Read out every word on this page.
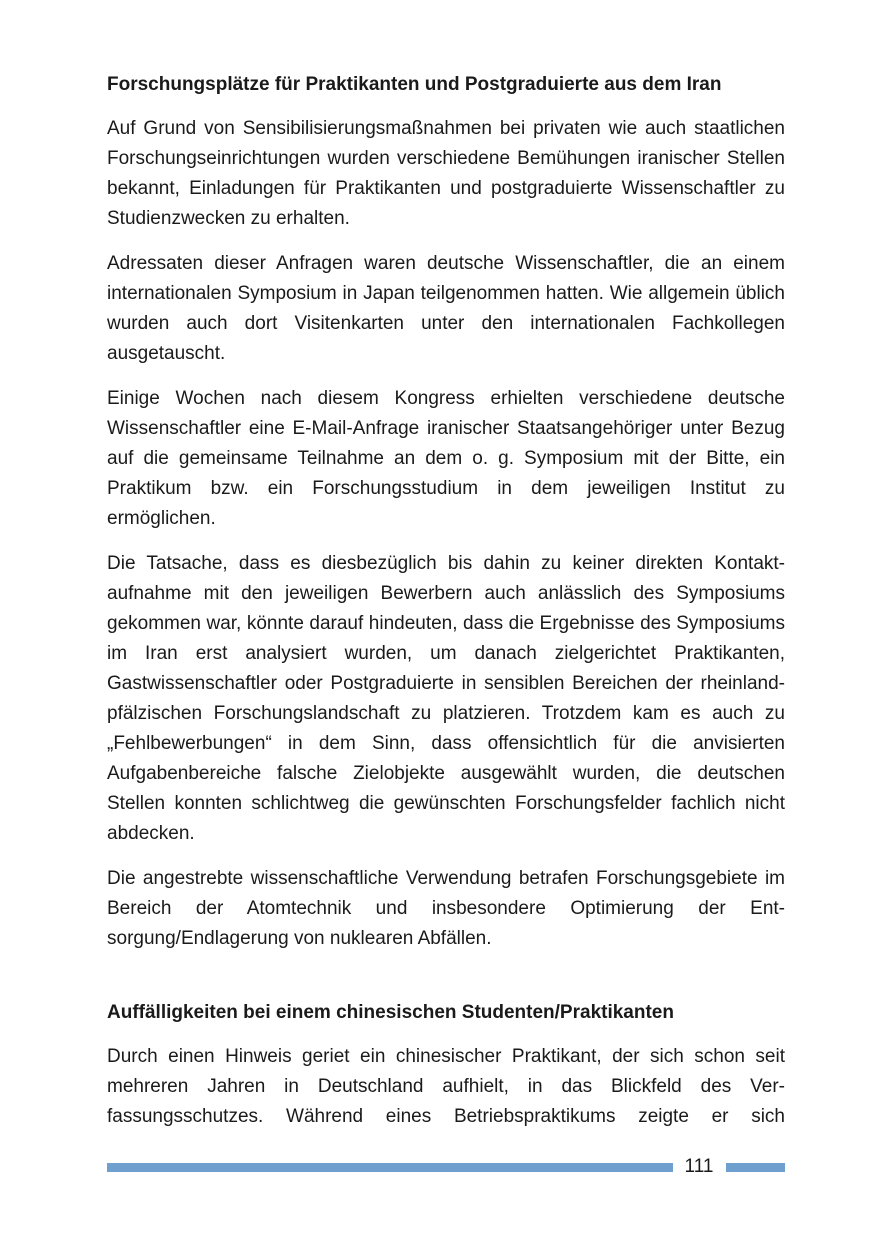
Forschungsplätze für Praktikanten und Postgraduierte aus dem Iran

Auf Grund von Sensibilisierungsmaßnahmen bei privaten wie auch staatlichen Forschungseinrichtungen wurden verschiedene Bemühungen iranischer Stellen bekannt, Einladungen für Praktikanten und postgraduierte Wissenschaftler zu Studienzwecken zu erhalten.

Adressaten dieser Anfragen waren deutsche Wissenschaftler, die an einem internationalen Symposium in Japan teilgenommen hatten. Wie allgemein üblich wurden auch dort Visitenkarten unter den internationalen Fachkollegen ausgetauscht.

Einige Wochen nach diesem Kongress erhielten verschiedene deutsche Wissenschaftler eine E-Mail-Anfrage iranischer Staatsangehöriger unter Bezug auf die gemeinsame Teilnahme an dem o. g. Symposium mit der Bitte, ein Praktikum bzw. ein Forschungsstudium in dem jeweiligen Institut zu ermöglichen.

Die Tatsache, dass es diesbezüglich bis dahin zu keiner direkten Kontaktaufnahme mit den jeweiligen Bewerbern auch anlässlich des Symposiums gekommen war, könnte darauf hindeuten, dass die Ergebnisse des Symposiums im Iran erst analysiert wurden, um danach zielgerichtet Praktikanten, Gastwissenschaftler oder Postgraduierte in sensiblen Bereichen der rheinland-pfälzischen Forschungslandschaft zu platzieren. Trotzdem kam es auch zu „Fehlbewerbungen“ in dem Sinn, dass offensichtlich für die anvisierten Aufgabenbereiche falsche Zielobjekte ausgewählt wurden, die deutschen Stellen konnten schlichtweg die gewünschten Forschungsfelder fachlich nicht abdecken.

Die angestrebte wissenschaftliche Verwendung betrafen Forschungsgebiete im Bereich der Atomtechnik und insbesondere Optimierung der Entsorgung/Endlagerung von nuklearen Abfällen.

Auffälligkeiten bei einem chinesischen Studenten/Praktikanten

Durch einen Hinweis geriet ein chinesischer Praktikant, der sich schon seit mehreren Jahren in Deutschland aufhielt, in das Blickfeld des Verfassungsschutzes. Während eines Betriebspraktikums zeigte er sich

111
